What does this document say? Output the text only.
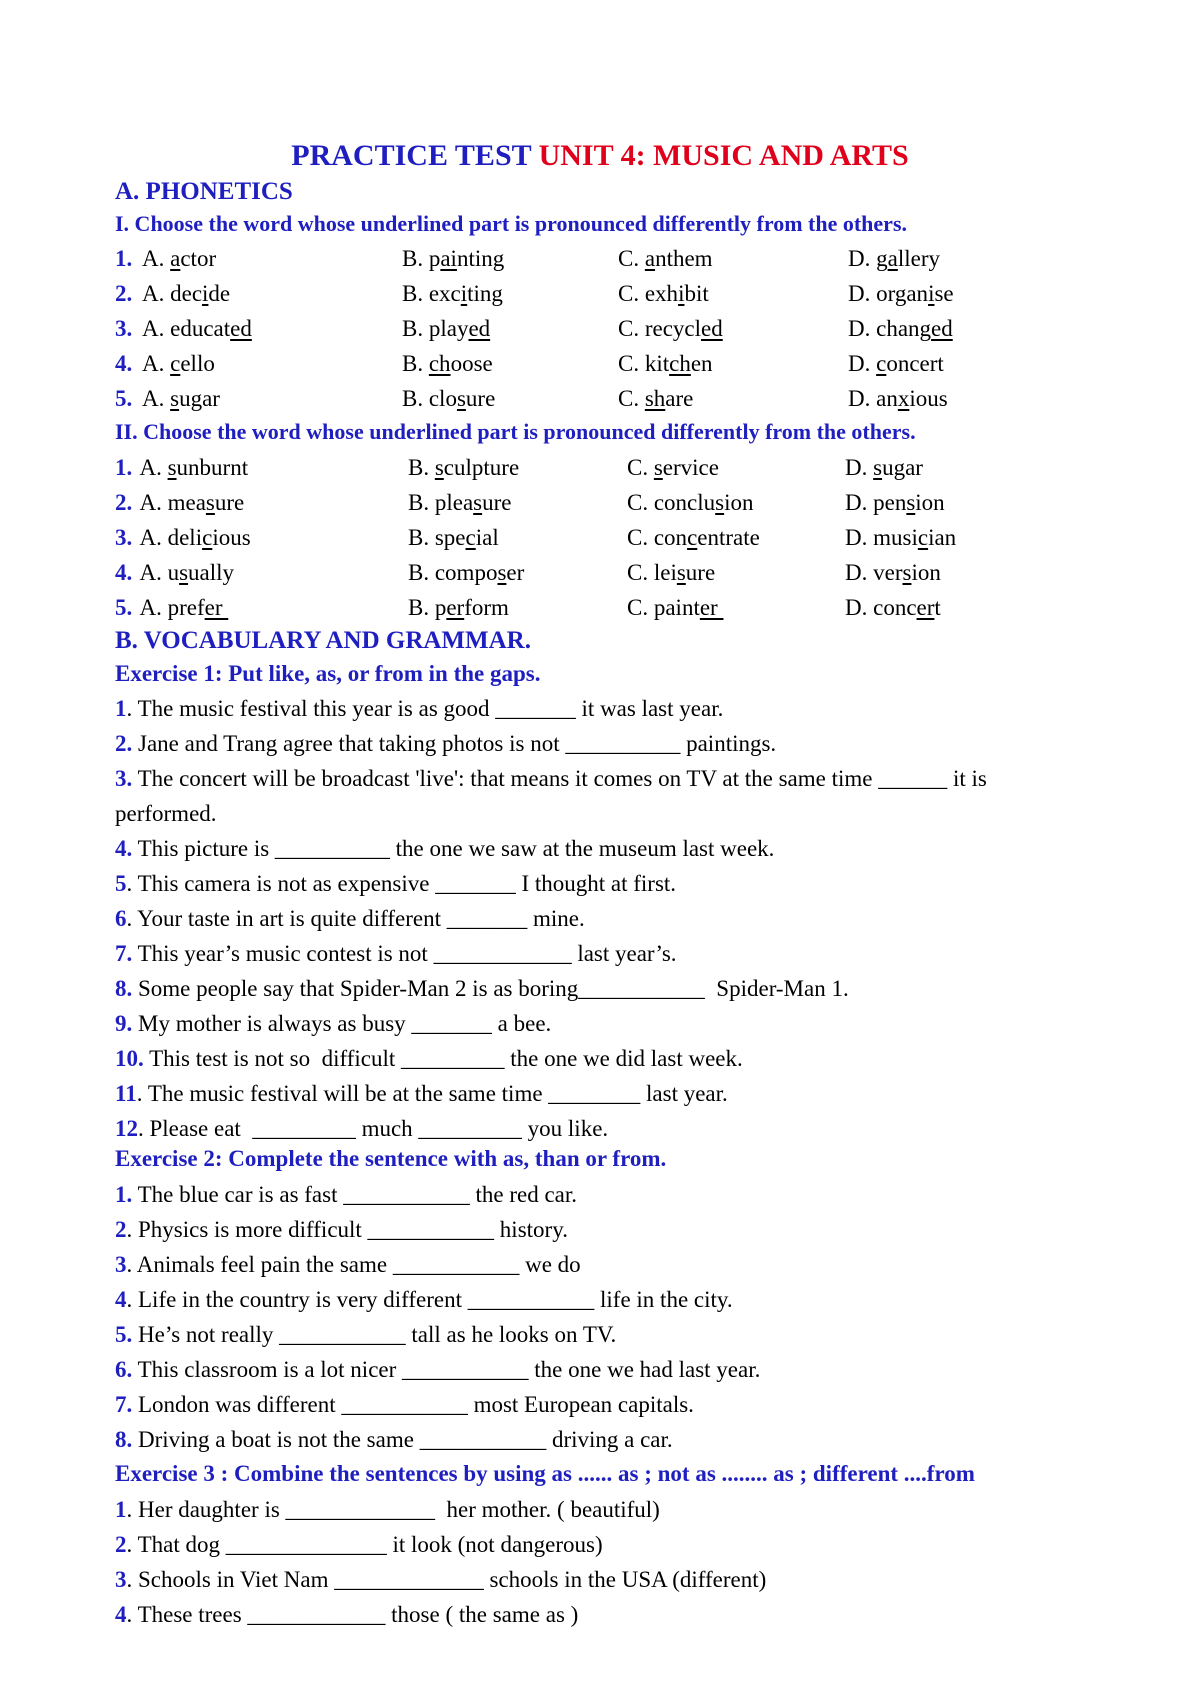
PRACTICE TEST UNIT 4: MUSIC AND ARTS
A. PHONETICS
I. Choose the word whose underlined part is pronounced differently from the others.
1. A. actor	B. painting	C. anthem	D. gallery
2. A. decide	B. exciting	C. exhibit	D. organise
3. A. educated	B. played	C. recycled	D. changed
4. A. cello	B. choose	C. kitchen	D. concert
5. A. sugar	B. closure	C. share	D. anxious
II. Choose the word whose underlined part is pronounced differently from the others.
1. A. sunburnt	B. sculpture	C. service	D. sugar
2. A. measure	B. pleasure	C. conclusion	D. pension
3. A. delicious	B. special	C. concentrate	D. musician
4. A. usually	B. composer	C. leisure	D. version
5. A. prefer	B. perform	C. painter	D. concert
B. VOCABULARY AND GRAMMAR.
Exercise 1: Put like, as, or from in the gaps.
1. The music festival this year is as good _______ it was last year.
2. Jane and Trang agree that taking photos is not __________ paintings.
3. The concert will be broadcast 'live': that means it comes on TV at the same time ______ it is
performed.
4. This picture is __________ the one we saw at the museum last week.
5. This camera is not as expensive _______ I thought at first.
6. Your taste in art is quite different _______ mine.
7. This year’s music contest is not ____________ last year’s.
8. Some people say that Spider-Man 2 is as boring___________  Spider-Man 1.
9. My mother is always as busy _______ a bee.
10. This test is not so  difficult _________ the one we did last week.
11. The music festival will be at the same time ________ last year.
12. Please eat  _________ much _________ you like.
Exercise 2: Complete the sentence with as, than or from.
1. The blue car is as fast ___________ the red car.
2. Physics is more difficult ___________ history.
3. Animals feel pain the same ___________ we do
4. Life in the country is very different ___________ life in the city.
5. He’s not really ___________ tall as he looks on TV.
6. This classroom is a lot nicer ___________ the one we had last year.
7. London was different ___________ most European capitals.
8. Driving a boat is not the same ___________ driving a car.
Exercise 3 : Combine the sentences by using as ...... as ; not as ........ as ; different ....from
1. Her daughter is _____________  her mother. ( beautiful)
2. That dog ______________ it look (not dangerous)
3. Schools in Viet Nam _____________ schools in the USA (different)
4. These trees ____________ those ( the same as )
